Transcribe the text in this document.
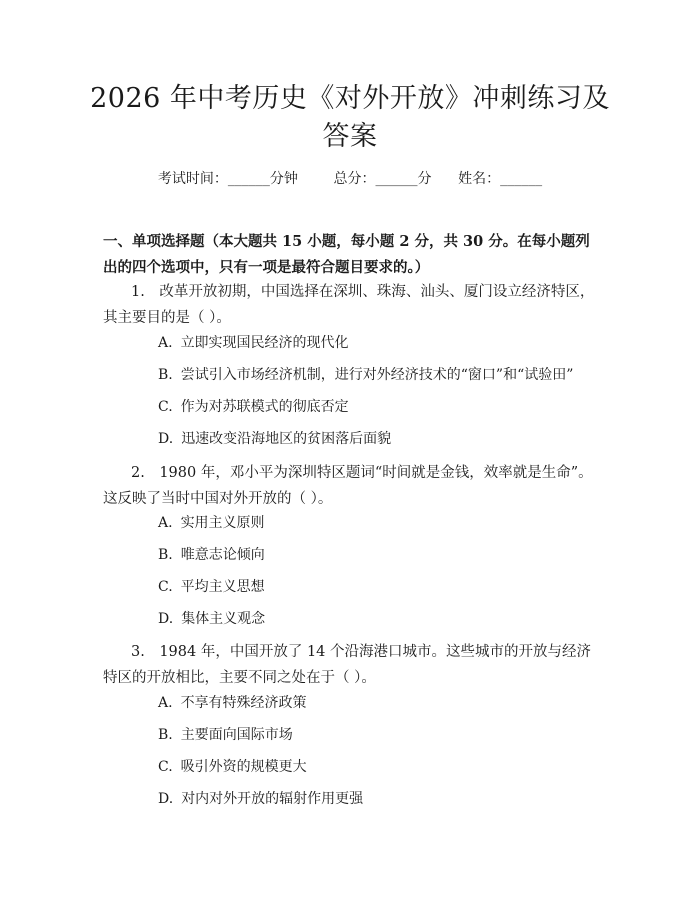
2026 年中考历史《对外开放》冲刺练习及答案
考试时间：______分钟	总分：______分 姓名：______
一、单项选择题（本大题共 15 小题，每小题 2 分，共 30 分。在每小题列出的四个选项中，只有一项是最符合题目要求的。）
1.　改革开放初期，中国选择在深圳、珠海、汕头、厦门设立经济特区，其主要目的是（ ）。
A. 立即实现国民经济的现代化
B. 尝试引入市场经济机制，进行对外经济技术的“窗口”和“试验田”
C. 作为对苏联模式的彻底否定
D. 迅速改变沿海地区的贫困落后面貌
2.　1980 年，邓小平为深圳特区题词“时间就是金钱，效率就是生命”。这反映了当时中国对外开放的（ ）。
A. 实用主义原则
B. 唯意志论倾向
C. 平均主义思想
D. 集体主义观念
3.　1984 年，中国开放了 14 个沿海港口城市。这些城市的开放与经济特区的开放相比，主要不同之处在于（ ）。
A. 不享有特殊经济政策
B. 主要面向国际市场
C. 吸引外资的规模更大
D. 对内对外开放的辐射作用更强
